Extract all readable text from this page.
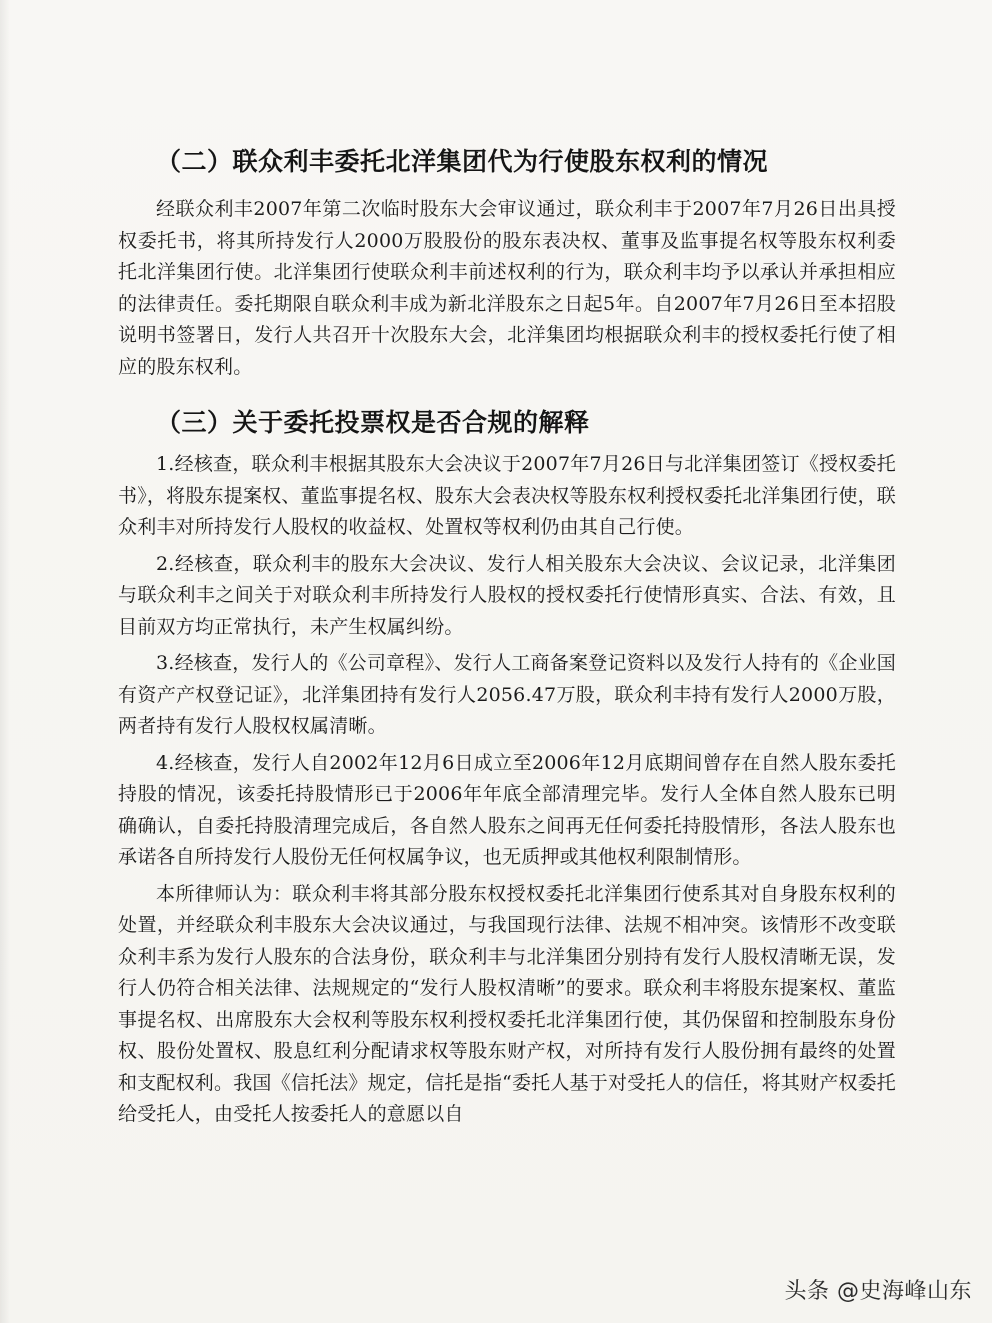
（二）联众利丰委托北洋集团代为行使股东权利的情况

经联众利丰2007年第二次临时股东大会审议通过，联众利丰于2007年7月26日出具授权委托书，将其所持发行人2000万股股份的股东表决权、董事及监事提名权等股东权利委托北洋集团行使。北洋集团行使联众利丰前述权利的行为，联众利丰均予以承认并承担相应的法律责任。委托期限自联众利丰成为新北洋股东之日起5年。自2007年7月26日至本招股说明书签署日，发行人共召开十次股东大会，北洋集团均根据联众利丰的授权委托行使了相应的股东权利。

（三）关于委托投票权是否合规的解释

1.经核查，联众利丰根据其股东大会决议于2007年7月26日与北洋集团签订《授权委托书》，将股东提案权、董监事提名权、股东大会表决权等股东权利授权委托北洋集团行使，联众利丰对所持发行人股权的收益权、处置权等权利仍由其自己行使。

2.经核查，联众利丰的股东大会决议、发行人相关股东大会决议、会议记录，北洋集团与联众利丰之间关于对联众利丰所持发行人股权的授权委托行使情形真实、合法、有效，且目前双方均正常执行，未产生权属纠纷。

3.经核查，发行人的《公司章程》、发行人工商备案登记资料以及发行人持有的《企业国有资产产权登记证》，北洋集团持有发行人2056.47万股，联众利丰持有发行人2000万股，两者持有发行人股权权属清晰。

4.经核查，发行人自2002年12月6日成立至2006年12月底期间曾存在自然人股东委托持股的情况，该委托持股情形已于2006年年底全部清理完毕。发行人全体自然人股东已明确确认，自委托持股清理完成后，各自然人股东之间再无任何委托持股情形，各法人股东也承诺各自所持发行人股份无任何权属争议，也无质押或其他权利限制情形。

本所律师认为：联众利丰将其部分股东权授权委托北洋集团行使系其对自身股东权利的处置，并经联众利丰股东大会决议通过，与我国现行法律、法规不相冲突。该情形不改变联众利丰系为发行人股东的合法身份，联众利丰与北洋集团分别持有发行人股权清晰无误，发行人仍符合相关法律、法规规定的“发行人股权清晰”的要求。联众利丰将股东提案权、董监事提名权、出席股东大会权利等股东权利授权委托北洋集团行使，其仍保留和控制股东身份权、股份处置权、股息红利分配请求权等股东财产权，对所持有发行人股份拥有最终的处置和支配权利。我国《信托法》规定，信托是指“委托人基于对受托人的信任，将其财产权委托给受托人，由受托人按委托人的意愿以自

头条 @史海峰山东
